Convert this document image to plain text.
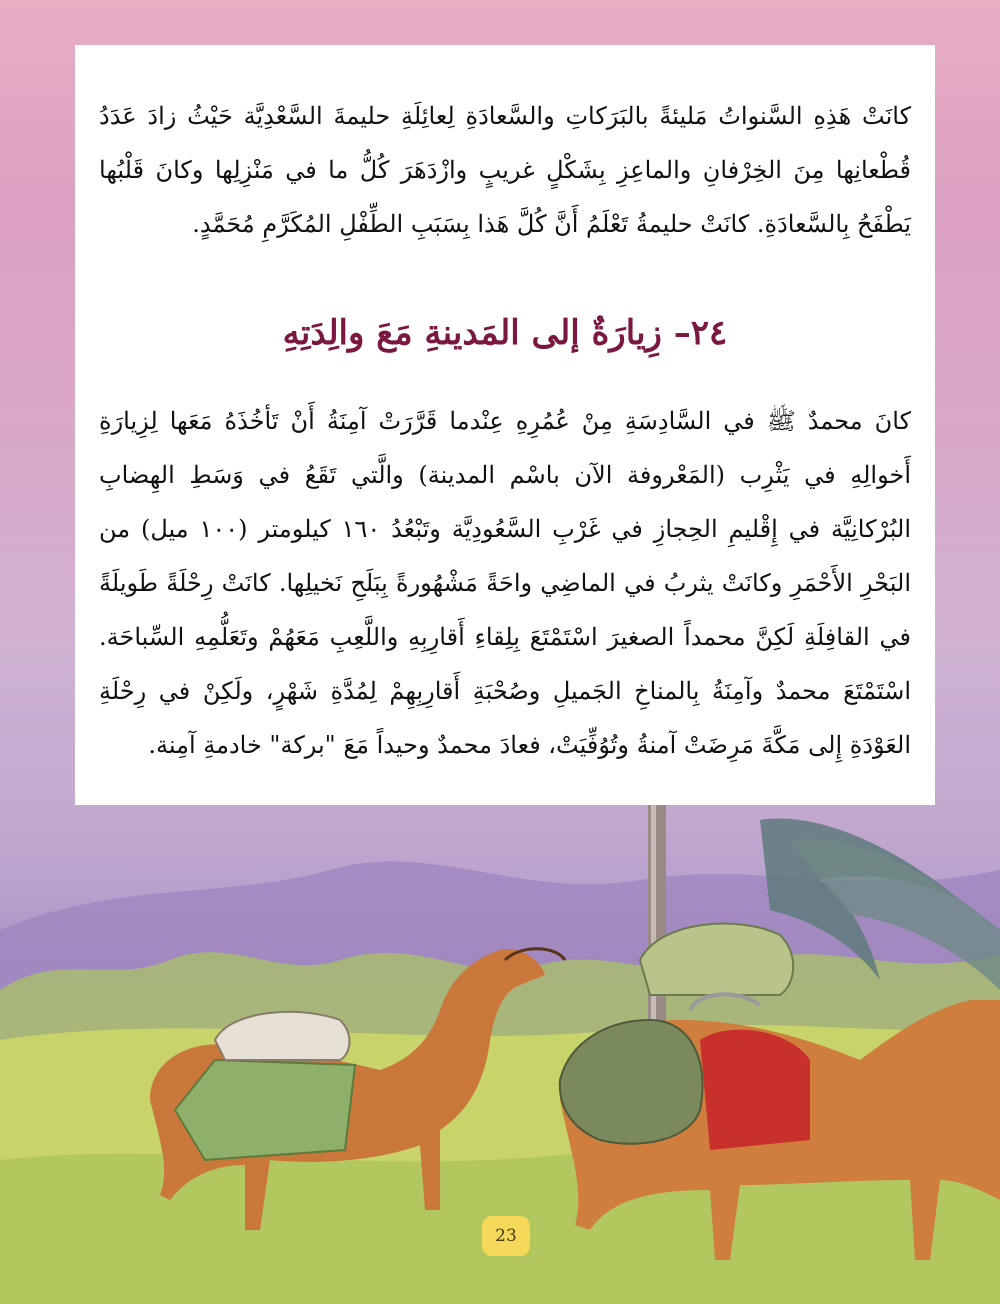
كانَتْ هَذِهِ السَّنواتُ مَليئةً بالبَرَكاتِ والسَّعادَةِ لِعائِلَةِ حليمةَ السَّعْدِيَّة حَيْثُ زادَ عَدَدُ قُطْعانِها مِنَ الخِرْفانِ والماعِزِ بِشَكْلٍ غريبٍ وازْدَهَرَ كُلُّ ما في مَنْزِلِها وكانَ قَلْبُها يَطْفَحُ بِالسَّعادَةِ. كانَتْ حليمةُ تَعْلَمُ أَنَّ كُلَّ هَذا بِسَبَبِ الطِّفْلِ المُكَرَّمِ مُحَمَّدٍ.

٢٤– زِيارَةٌ إلى المَدينةِ مَعَ والِدَتِهِ

كانَ محمدٌ ﷺ في السَّادِسَةِ مِنْ عُمُرِهِ عِنْدما قَرَّرَتْ آمِنَةُ أَنْ تَأخُذَهُ مَعَها لِزِيارَةِ أَخوالِهِ في يَثْرِب (المَعْروفة الآن باسْم المدينة) والَّتي تَقَعُ في وَسَطِ الهِضابِ البُرْكانِيَّة في إِقْليمِ الحِجازِ في غَرْبِ السَّعُودِيَّة وتَبْعُدُ ١٦٠ كيلومتر (١٠٠ ميل) من البَحْرِ الأَحْمَرِ وكانَتْ يثربُ في الماضِي واحَةً مَشْهُورةً بِبَلَحِ نَخيلِها. كانَتْ رِحْلَةً طَويلَةً في القافِلَةِ لَكِنَّ محمداً الصغيرَ اسْتَمْتَعَ بِلِقاءِ أَقارِبِهِ واللَّعِبِ مَعَهُمْ وتَعَلُّمِهِ السِّباحَة. اسْتَمْتَعَ محمدٌ وآمِنَةُ بِالمناخِ الجَميلِ وصُحْبَةِ أَقارِبِهِمْ لِمُدَّةِ شَهْرٍ، ولَكِنْ في رِحْلَةِ العَوْدَةِ إِلى مَكَّةَ مَرِضَتْ آمنةُ وتُوُفِّيَتْ، فعادَ محمدٌ وحيداً مَعَ "بركة" خادمةِ آمِنة.

23
